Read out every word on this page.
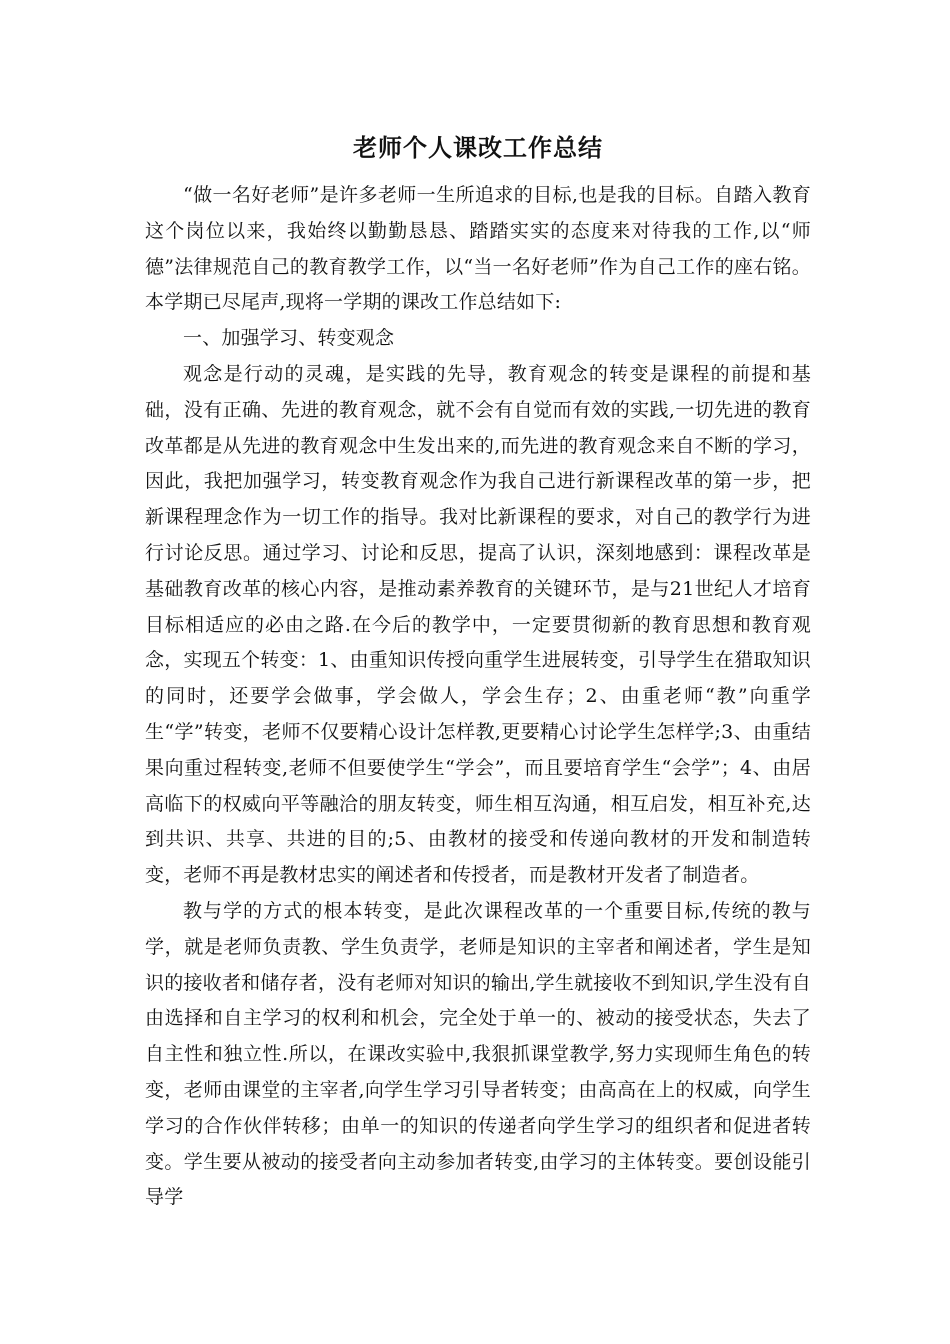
老师个人课改工作总结

“做一名好老师”是许多老师一生所追求的目标,也是我的目标。自踏入教育这个岗位以来，我始终以勤勤恳恳、踏踏实实的态度来对待我的工作,以“师德”法律规范自己的教育教学工作，以“当一名好老师”作为自己工作的座右铭。本学期已尽尾声,现将一学期的课改工作总结如下:

一、加强学习、转变观念

观念是行动的灵魂，是实践的先导，教育观念的转变是课程的前提和基础，没有正确、先进的教育观念，就不会有自觉而有效的实践,一切先进的教育改革都是从先进的教育观念中生发出来的,而先进的教育观念来自不断的学习，因此，我把加强学习，转变教育观念作为我自己进行新课程改革的第一步，把新课程理念作为一切工作的指导。我对比新课程的要求，对自己的教学行为进行讨论反思。通过学习、讨论和反思，提高了认识，深刻地感到：课程改革是基础教育改革的核心内容，是推动素养教育的关键环节，是与21世纪人才培育目标相适应的必由之路.在今后的教学中，一定要贯彻新的教育思想和教育观念，实现五个转变：1、由重知识传授向重学生进展转变，引导学生在猎取知识的同时，还要学会做事，学会做人，学会生存；2、由重老师“教”向重学生“学”转变，老师不仅要精心设计怎样教,更要精心讨论学生怎样学;3、由重结果向重过程转变,老师不但要使学生“学会”，而且要培育学生“会学”；4、由居高临下的权威向平等融洽的朋友转变，师生相互沟通，相互启发，相互补充,达到共识、共享、共进的目的;5、由教材的接受和传递向教材的开发和制造转变，老师不再是教材忠实的阐述者和传授者，而是教材开发者了制造者。

教与学的方式的根本转变，是此次课程改革的一个重要目标,传统的教与学，就是老师负责教、学生负责学，老师是知识的主宰者和阐述者，学生是知识的接收者和储存者，没有老师对知识的输出,学生就接收不到知识,学生没有自由选择和自主学习的权利和机会，完全处于单一的、被动的接受状态，失去了自主性和独立性.所以，在课改实验中,我狠抓课堂教学,努力实现师生角色的转变，老师由课堂的主宰者,向学生学习引导者转变；由高高在上的权威，向学生学习的合作伙伴转移；由单一的知识的传递者向学生学习的组织者和促进者转变。学生要从被动的接受者向主动参加者转变,由学习的主体转变。要创设能引导学
